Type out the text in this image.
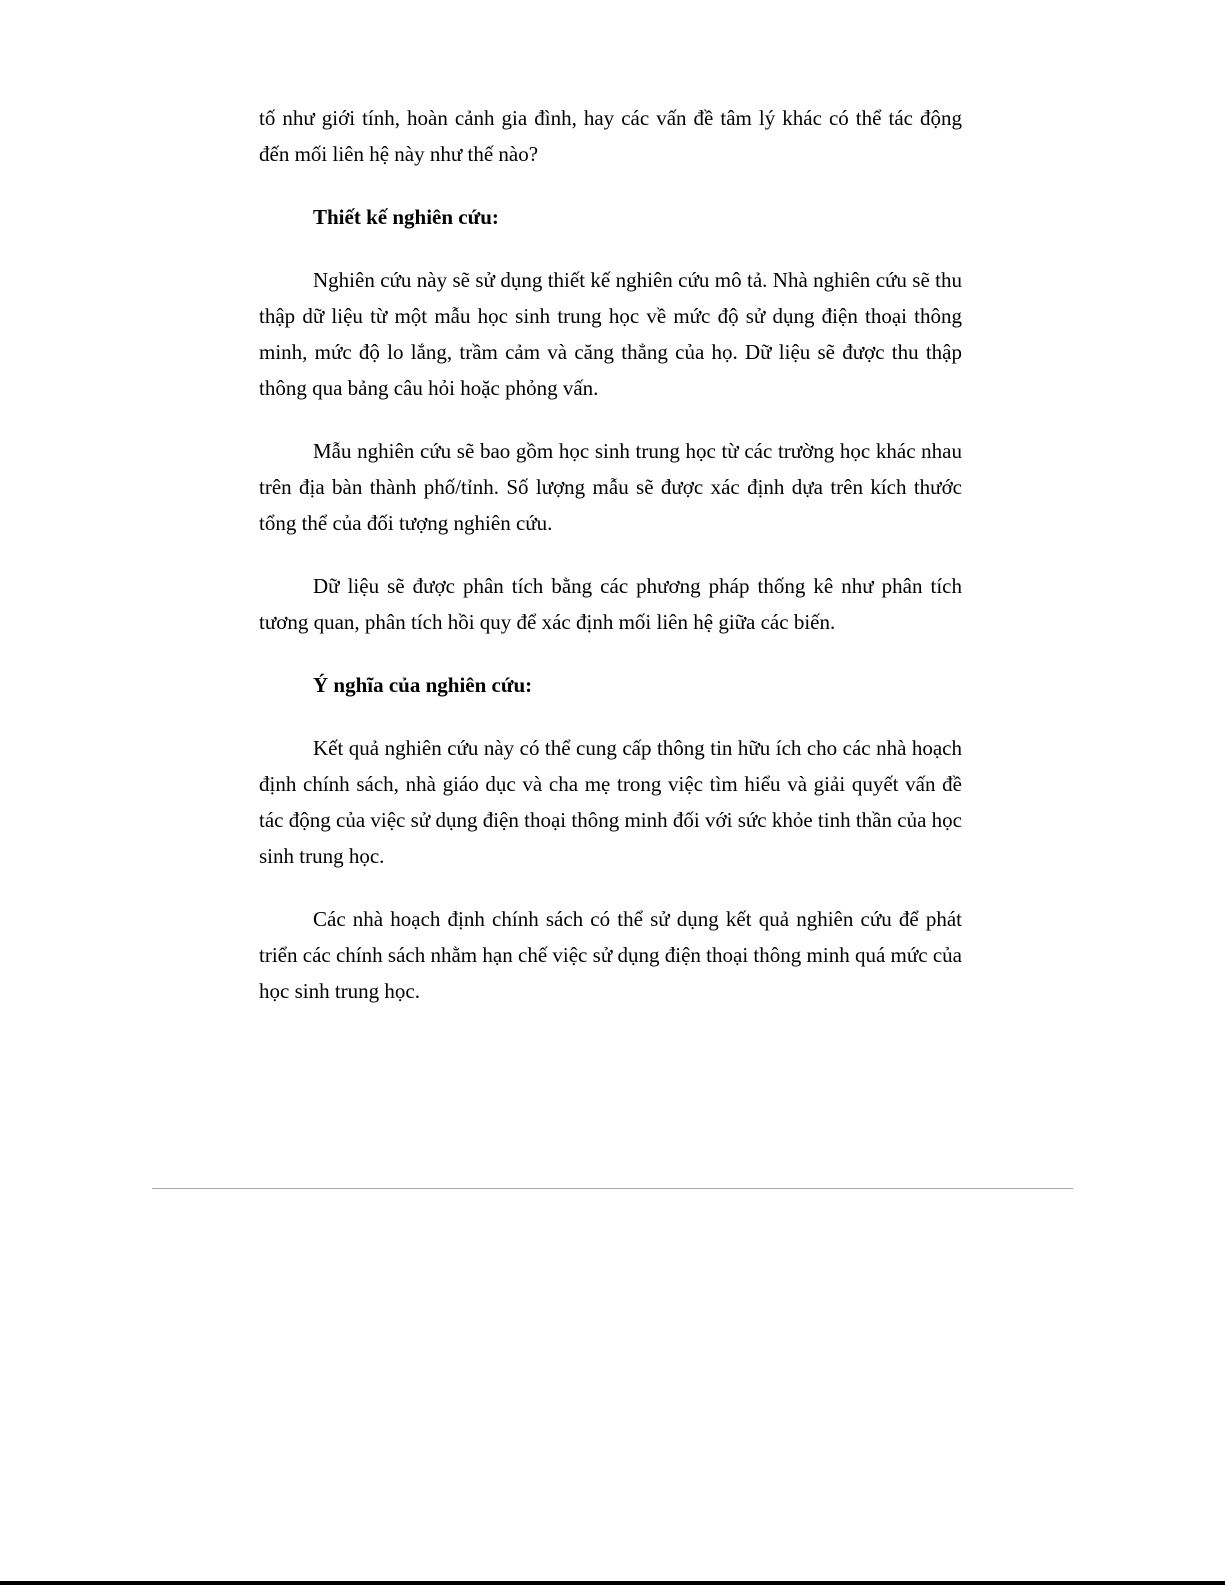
tố như giới tính, hoàn cảnh gia đình, hay các vấn đề tâm lý khác có thể tác động đến mối liên hệ này như thế nào?

Thiết kế nghiên cứu:

Nghiên cứu này sẽ sử dụng thiết kế nghiên cứu mô tả. Nhà nghiên cứu sẽ thu thập dữ liệu từ một mẫu học sinh trung học về mức độ sử dụng điện thoại thông minh, mức độ lo lắng, trầm cảm và căng thẳng của họ. Dữ liệu sẽ được thu thập thông qua bảng câu hỏi hoặc phỏng vấn.

Mẫu nghiên cứu sẽ bao gồm học sinh trung học từ các trường học khác nhau trên địa bàn thành phố/tỉnh. Số lượng mẫu sẽ được xác định dựa trên kích thước tổng thể của đối tượng nghiên cứu.

Dữ liệu sẽ được phân tích bằng các phương pháp thống kê như phân tích tương quan, phân tích hồi quy để xác định mối liên hệ giữa các biến.

Ý nghĩa của nghiên cứu:

Kết quả nghiên cứu này có thể cung cấp thông tin hữu ích cho các nhà hoạch định chính sách, nhà giáo dục và cha mẹ trong việc tìm hiểu và giải quyết vấn đề tác động của việc sử dụng điện thoại thông minh đối với sức khỏe tinh thần của học sinh trung học.

Các nhà hoạch định chính sách có thể sử dụng kết quả nghiên cứu để phát triển các chính sách nhằm hạn chế việc sử dụng điện thoại thông minh quá mức của học sinh trung học.
